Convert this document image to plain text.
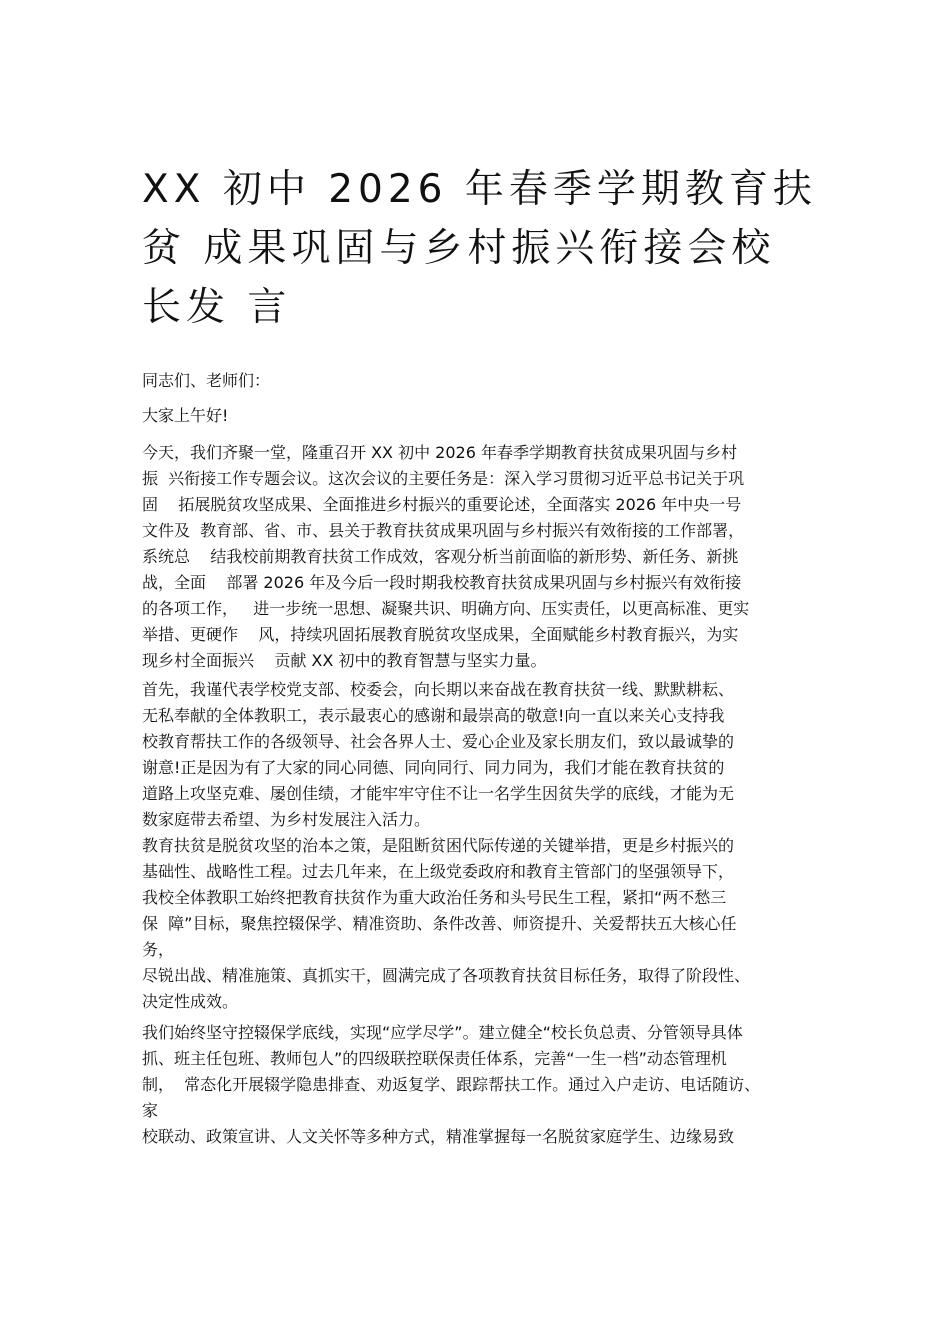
XX 初中 2026 年春季学期教育扶
贫 成果巩固与乡村振兴衔接会校
长发 言
同志们、老师们：
大家上午好!
今天，我们齐聚一堂，隆重召开 XX 初中 2026 年春季学期教育扶贫成果巩固与乡村
振  兴衔接工作专题会议。这次会议的主要任务是：深入学习贯彻习近平总书记关于巩
固    拓展脱贫攻坚成果、全面推进乡村振兴的重要论述，全面落实 2026 年中央一号
文件及  教育部、省、市、县关于教育扶贫成果巩固与乡村振兴有效衔接的工作部署，
系统总    结我校前期教育扶贫工作成效，客观分析当前面临的新形势、新任务、新挑
战，全面    部署 2026 年及今后一段时期我校教育扶贫成果巩固与乡村振兴有效衔接
的各项工作，   进一步统一思想、凝聚共识、明确方向、压实责任，以更高标准、更实
举措、更硬作    风，持续巩固拓展教育脱贫攻坚成果，全面赋能乡村教育振兴，为实
现乡村全面振兴    贡献 XX 初中的教育智慧与坚实力量。
首先，我谨代表学校党支部、校委会，向长期以来奋战在教育扶贫一线、默默耕耘、
无私奉献的全体教职工，表示最衷心的感谢和最崇高的敬意!向一直以来关心支持我
校教育帮扶工作的各级领导、社会各界人士、爱心企业及家长朋友们，致以最诚挚的
谢意!正是因为有了大家的同心同德、同向同行、同力同为，我们才能在教育扶贫的
道路上攻坚克难、屡创佳绩，才能牢牢守住不让一名学生因贫失学的底线，才能为无
数家庭带去希望、为乡村发展注入活力。
教育扶贫是脱贫攻坚的治本之策，是阻断贫困代际传递的关键举措，更是乡村振兴的
基础性、战略性工程。过去几年来，在上级党委政府和教育主管部门的坚强领导下，
我校全体教职工始终把教育扶贫作为重大政治任务和头号民生工程，紧扣“两不愁三
保  障”目标，聚焦控辍保学、精准资助、条件改善、师资提升、关爱帮扶五大核心任
务，
尽锐出战、精准施策、真抓实干，圆满完成了各项教育扶贫目标任务，取得了阶段性、
决定性成效。
我们始终坚守控辍保学底线，实现“应学尽学”。建立健全“校长负总责、分管领导具体
抓、班主任包班、教师包人”的四级联控联保责任体系，完善“一生一档”动态管理机
制，  常态化开展辍学隐患排查、劝返复学、跟踪帮扶工作。通过入户走访、电话随访、
家
校联动、政策宣讲、人文关怀等多种方式，精准掌握每一名脱贫家庭学生、边缘易致
